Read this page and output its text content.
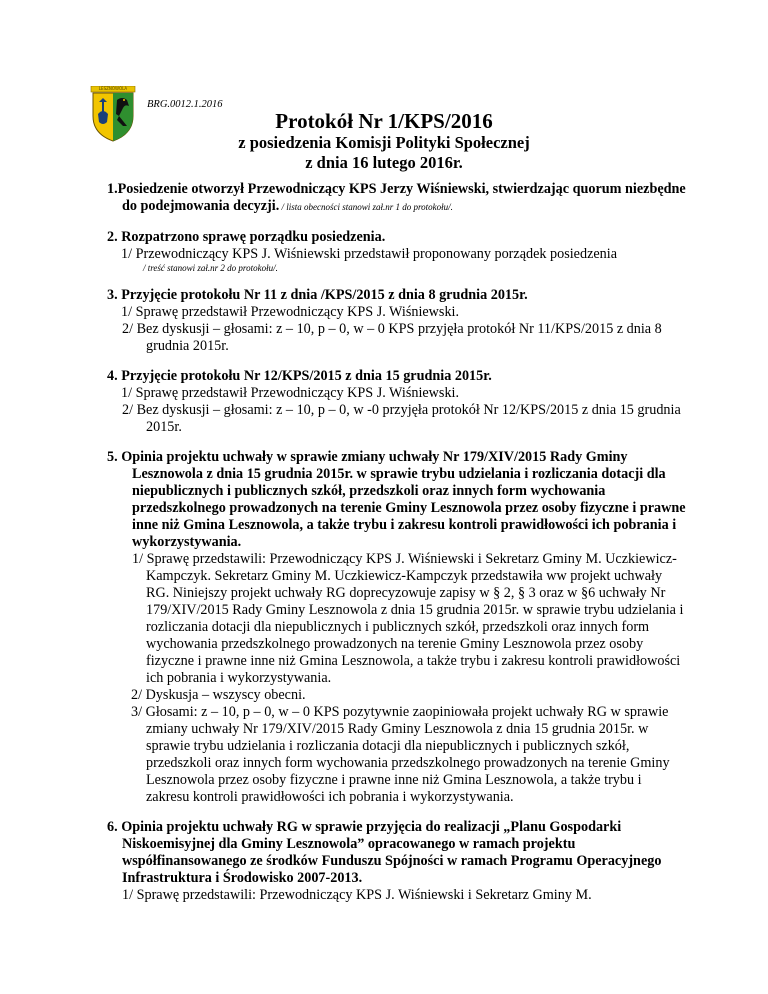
LESZNOWOLA
BRG.0012.1.2016
Protokół Nr 1/KPS/2016
z posiedzenia Komisji Polityki Społecznej
z dnia 16 lutego 2016r.
1.Posiedzenie otworzył Przewodniczący KPS Jerzy Wiśniewski, stwierdzając quorum niezbędne do podejmowania decyzji. / lista obecności stanowi zał.nr 1 do protokołu/.
2. Rozpatrzono sprawę porządku posiedzenia.
1/ Przewodniczący KPS J. Wiśniewski przedstawił proponowany porządek posiedzenia
/ treść stanowi zał.nr 2 do protokołu/.
3. Przyjęcie protokołu Nr 11 z dnia /KPS/2015 z dnia 8 grudnia 2015r.
1/ Sprawę przedstawił Przewodniczący KPS J. Wiśniewski.
2/ Bez dyskusji – głosami: z – 10, p – 0, w – 0 KPS przyjęła protokół Nr 11/KPS/2015 z dnia 8 grudnia 2015r.
4. Przyjęcie protokołu Nr 12/KPS/2015 z dnia 15 grudnia 2015r.
1/ Sprawę przedstawił Przewodniczący KPS J. Wiśniewski.
2/ Bez dyskusji – głosami: z – 10, p – 0, w -0 przyjęła protokół Nr 12/KPS/2015 z dnia 15 grudnia 2015r.
5. Opinia projektu uchwały w sprawie zmiany uchwały Nr 179/XIV/2015 Rady Gminy Lesznowola z dnia 15 grudnia 2015r. w sprawie trybu udzielania i rozliczania dotacji dla niepublicznych i publicznych szkół, przedszkoli oraz innych form wychowania przedszkolnego prowadzonych na terenie Gminy Lesznowola przez osoby fizyczne i prawne inne niż Gmina Lesznowola, a także trybu i zakresu kontroli prawidłowości ich pobrania i wykorzystywania.
1/ Sprawę przedstawili: Przewodniczący KPS J. Wiśniewski i Sekretarz Gminy M. Uczkiewicz-Kampczyk. Sekretarz Gminy M. Uczkiewicz-Kampczyk przedstawiła ww projekt uchwały RG. Niniejszy projekt uchwały RG doprecyzowuje zapisy w § 2, § 3 oraz w §6 uchwały Nr 179/XIV/2015 Rady Gminy Lesznowola z dnia 15 grudnia 2015r. w sprawie trybu udzielania i rozliczania dotacji dla niepublicznych i publicznych szkół, przedszkoli oraz innych form wychowania przedszkolnego prowadzonych na terenie Gminy Lesznowola przez osoby fizyczne i prawne inne niż Gmina Lesznowola, a także trybu i zakresu kontroli prawidłowości ich pobrania i wykorzystywania.
2/ Dyskusja – wszyscy obecni.
3/ Głosami: z – 10, p – 0, w – 0 KPS pozytywnie zaopiniowała projekt uchwały RG w sprawie zmiany uchwały Nr 179/XIV/2015 Rady Gminy Lesznowola z dnia 15 grudnia 2015r. w sprawie trybu udzielania i rozliczania dotacji dla niepublicznych i publicznych szkół, przedszkoli oraz innych form wychowania przedszkolnego prowadzonych na terenie Gminy Lesznowola przez osoby fizyczne i prawne inne niż Gmina Lesznowola, a także trybu i zakresu kontroli prawidłowości ich pobrania i wykorzystywania.
6. Opinia projektu uchwały RG w sprawie przyjęcia do realizacji „Planu Gospodarki Niskoemisyjnej dla Gminy Lesznowola” opracowanego w ramach projektu współfinansowanego ze środków Funduszu Spójności w ramach Programu Operacyjnego Infrastruktura i Środowisko 2007-2013.
1/ Sprawę przedstawili: Przewodniczący KPS J. Wiśniewski i Sekretarz Gminy M.
